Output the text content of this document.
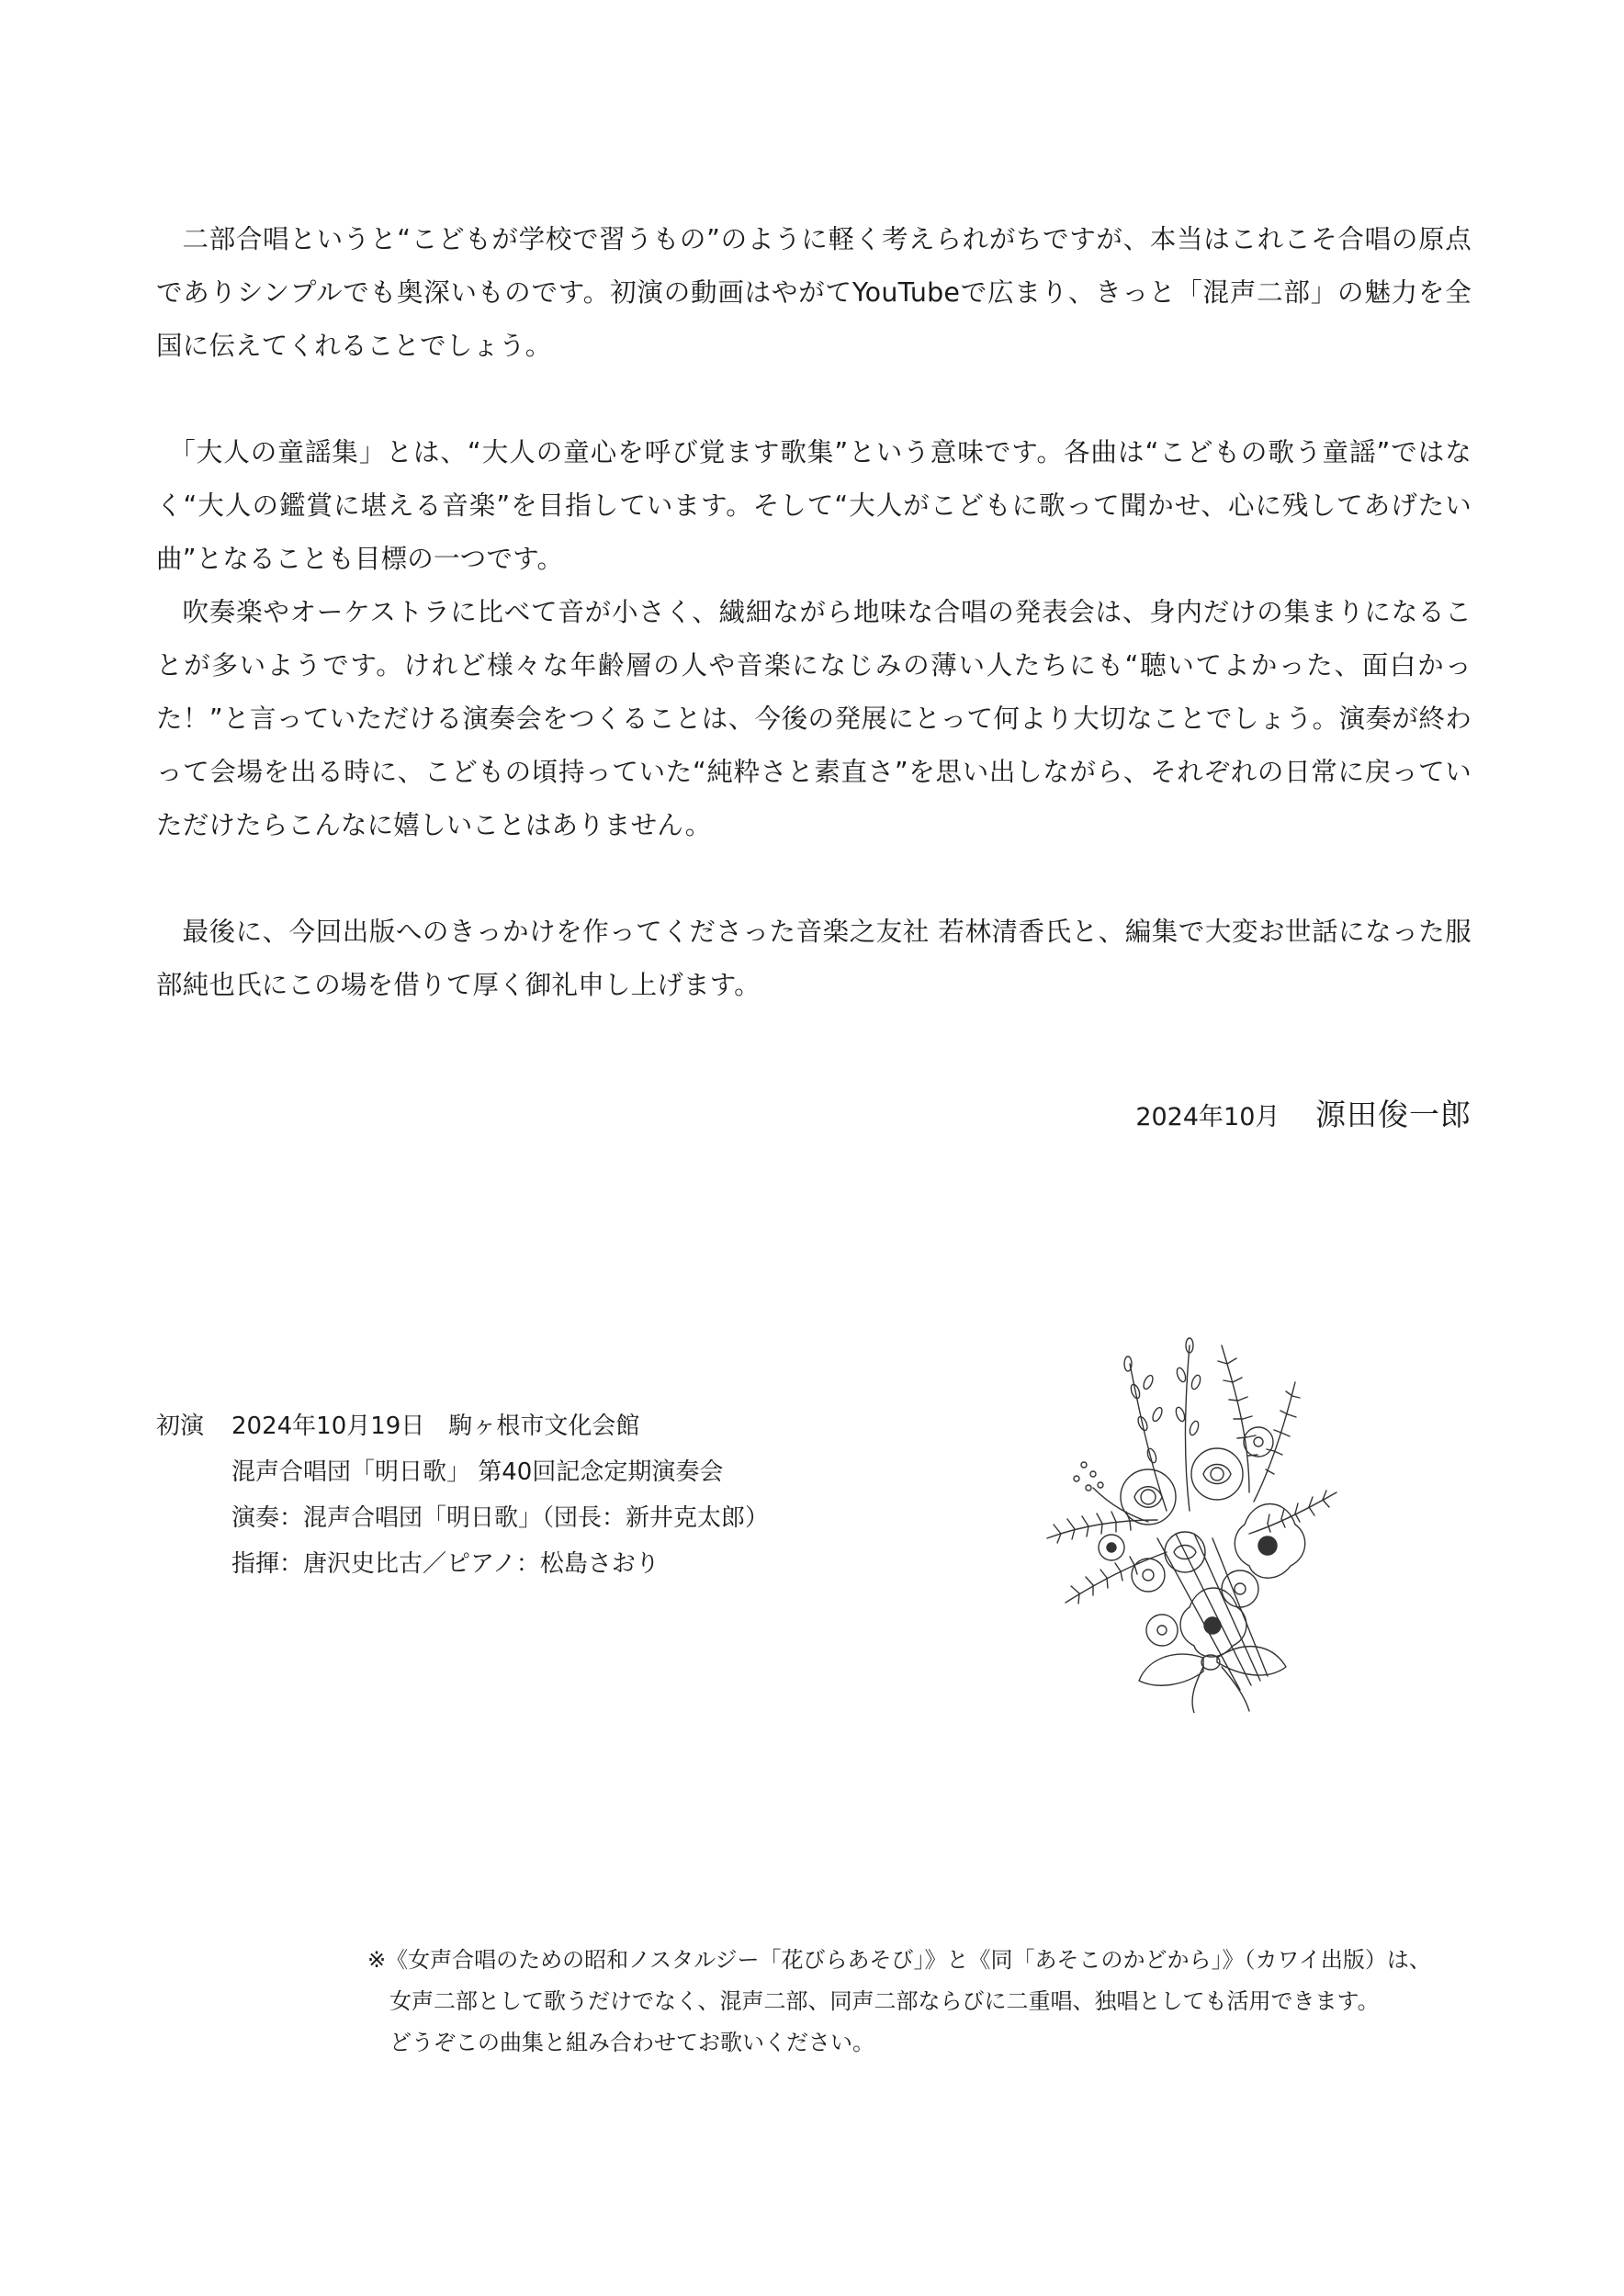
二部合唱というと“こどもが学校で習うもの”のように軽く考えられがちですが、本当はこれこそ合唱の原点でありシンプルでも奥深いものです。初演の動画はやがてYouTubeで広まり、きっと「混声二部」の魅力を全国に伝えてくれることでしょう。

「大人の童謡集」とは、“大人の童心を呼び覚ます歌集”という意味です。各曲は“こどもの歌う童謡”ではなく“大人の鑑賞に堪える音楽”を目指しています。そして“大人がこどもに歌って聞かせ、心に残してあげたい曲”となることも目標の一つです。

吹奏楽やオーケストラに比べて音が小さく、繊細ながら地味な合唱の発表会は、身内だけの集まりになることが多いようです。けれど様々な年齢層の人や音楽になじみの薄い人たちにも“聴いてよかった、面白かった！”と言っていただける演奏会をつくることは、今後の発展にとって何より大切なことでしょう。演奏が終わって会場を出る時に、こどもの頃持っていた“純粋さと素直さ”を思い出しながら、それぞれの日常に戻っていただけたらこんなに嬉しいことはありません。

最後に、今回出版へのきっかけを作ってくださった音楽之友社 若林清香氏と、編集で大変お世話になった服部純也氏にこの場を借りて厚く御礼申し上げます。

2024年10月 源田俊一郎
初演	2024年10月19日　駒ヶ根市文化会館
混声合唱団「明日歌」 第40回記念定期演奏会
演奏：混声合唱団「明日歌」（団長：新井克太郎）
指揮：唐沢史比古／ピアノ：松島さおり
※《女声合唱のための昭和ノスタルジー「花びらあそび」》と《同「あそこのかどから」》（カワイ出版）は、
女声二部として歌うだけでなく、混声二部、同声二部ならびに二重唱、独唱としても活用できます。
どうぞこの曲集と組み合わせてお歌いください。
